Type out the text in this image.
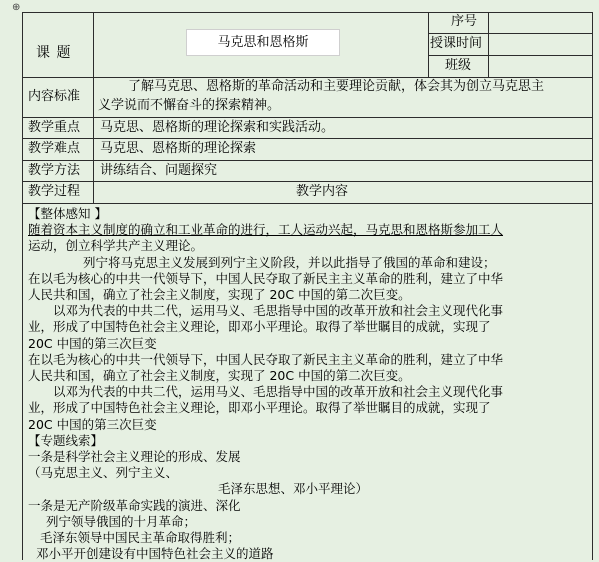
⊕
课 题
马克思和恩格斯
序号
授课时间
班级
内容标准
了解马克思、恩格斯的革命活动和主要理论贡献，体会其为创立马克思主
义学说而不懈奋斗的探索精神。
教学重点 马克思、恩格斯的理论探索和实践活动。
教学难点 马克思、恩格斯的理论探索
教学方法 讲练结合、问题探究
教学过程	教学内容
【整体感知 】
随着资本主义制度的确立和工业革命的进行，工人运动兴起，马克思和恩格斯参加工人
运动，创立科学共产主义理论。
列宁将马克思主义发展到列宁主义阶段，并以此指导了俄国的革命和建设；
在以毛为核心的中共一代领导下，中国人民夺取了新民主主义革命的胜利，建立了中华
人民共和国，确立了社会主义制度，实现了 20C 中国的第二次巨变。
以邓为代表的中共二代，运用马义、毛思指导中国的改革开放和社会主义现代化事
业，形成了中国特色社会主义理论，即邓小平理论。取得了举世瞩目的成就，实现了
20C 中国的第三次巨变
在以毛为核心的中共一代领导下，中国人民夺取了新民主主义革命的胜利，建立了中华
人民共和国，确立了社会主义制度，实现了 20C 中国的第二次巨变。
以邓为代表的中共二代，运用马义、毛思指导中国的改革开放和社会主义现代化事
业，形成了中国特色社会主义理论，即邓小平理论。取得了举世瞩目的成就，实现了
20C 中国的第三次巨变
【专题线索】
一条是科学社会主义理论的形成、发展
（马克思主义、列宁主义、
毛泽东思想、邓小平理论）
一条是无产阶级革命实践的演进、深化
列宁领导俄国的十月革命；
毛泽东领导中国民主革命取得胜利；
邓小平开创建设有中国特色社会主义的道路
